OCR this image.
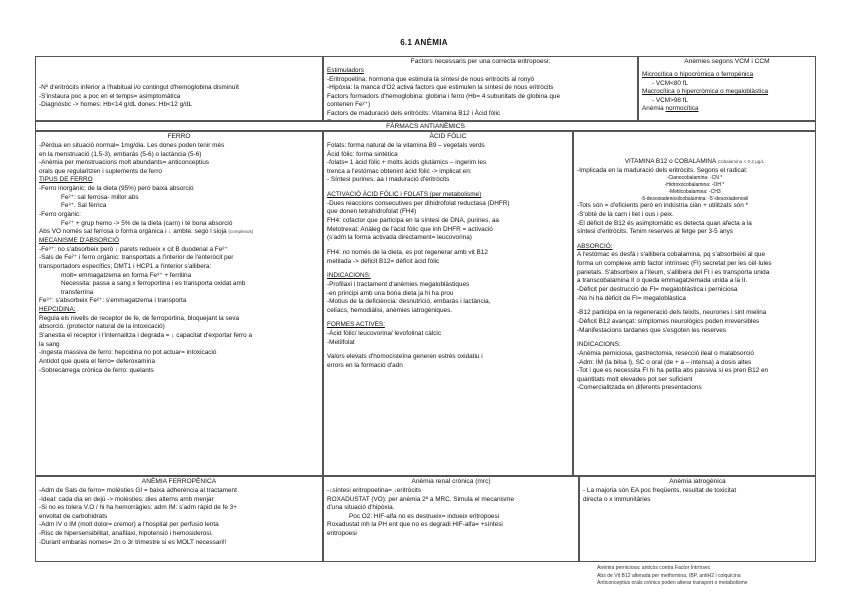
6.1 ANÈMIA
-Nº d'eritròcits inferior a l'habitual i/o contingut d'hemoglobina disminuït
-S'instaura poc a poc en el temps= asimptomàtica
-Diagnòstic -> homes: Hb<14 g/dL dones: Hb<12 g/dL
Factors necessaris per una correcta eritropoesi:
Estimuladors
-Eritropoetina: hormona que estimula la síntesi de nous eritròcits al ronyó
-Hipòxia: la manca d'O2 activa factors que estimulen la síntesi de nous eritròcits
Factors formadors d'hemoglobina: globina i ferro (Hb= 4 subunitats de globina que
contenen Fe²⁺)
Factors de maduració dels eritròcits: Vitamina B12 i Àcid fòlic
Anèmies segons VCM i CCM
Microcítica o hipocròmica o ferropènica
- VCM<80 fL
Macrocítica o hipercròmica o megaloblàstica
- VCM>98 fL
Anèmia normocítica
FÀRMACS ANTIANÈMICS
FERRO
-Pèrdua en situació normal= 1mg/dia. Les dones poden tenir més
en la menstruació (1,5-3), embaràs (5-6) o lactància (5-6)
-Anèmia per menstruacions molt abundants= anticonceptius
orals que regularitzen i suplements de ferro
TIPUS DE FERRO
-Ferro inorgànic: de la dieta (95%) però baixa absorció
Fe²⁺: sal ferrosa- millor abs
Fe³⁺. Sal fèrrica
-Ferro orgànic:
Fe²⁺ + grup hemo -> 5% de la dieta (carn) i té bona absorció
Abs VO només sal ferrosa o forma orgànica i ↓ ambte. sego l sioja (complexos)
MECANISME D'ABSORCIÓ
-Fe³⁺: no s'absorbeix però ↓ parets redueix x cit B duodenal a Fe²⁺
-Sals de Fe²⁺ i ferro orgànic: transportats a l'interior de l'enteròcit per
transportadors específics; DMT1 i HCP1 a l'interior s'allibera:
molt= emmagatzema en forma Fe³⁺ + ferritina
Necessita: passa a sang x ferroportina i es transporta oxidat amb
transferrina
Fe³⁺: s'absorbeix Fe²⁺: s'emmagatzema i transporta
HEPCIDINA:
Regula els nivells de receptor de fe, de ferroportina, bloquejant la seva
absorció. (protector natural de la intoxicació)
S'anestia el receptor i l'internalitza i degrada = ↓ capacitat d'exportar ferro a
la sang
-Ingesta massiva de ferro: hepcidina no pot actuar= intoxicació
Antídot que quela el ferro= deferoxamina
-Sobrecàrrega crònica de ferro: quelants
ÀCID FÒLIC
Folats: forma natural de la vitamina B9 – vegetals verds
Àcid fòlic: forma sintètica
-folats= 1 àcid fòlic + molts àcids glutàmics – ingerim les
trenca a l'estómac obtenint àcid fòlic -> implicat en:
- Síntesi purines, aa i maduració d'eritròcits
ACTIVACIÓ ÀCID FÒLIC i FOLATS (per metabolisme)
-Dues reaccions consecutives per dihidrofolat reductasa (DHFR)
que donen tetrahidrofolat (FH4)
FH4: cofactor que participa en la síntesi de DNA, purines, aa
Metotrexat: Anàleg de l'àcid fòlic que inh DHFR = activació
(s'adm la forma activada directament= leucovorina)
FH4: no només de la dieta, es pot regenerar amb vit B12
metilada -> dèficit B12= dèficit àcid fòlic
INDICACIONS:
-Profilaxi i tractament d'anèmies megaloblàstiques
-en principi amb una bona dieta ja hi ha prou
-Motius de la deficiència: desnutrició, embaràs i lactància,
celíacs, hemodiàlisi, anèmies iatrogèniques.
FORMES ACTIVES:
-Àcid fòlic/ leucovorina/ levofolinat càlcic
-Metilfolat
Valors elevats d'homocisteïna generen estrès oxidatiu i
errors en la formació d'adn
VITAMINA B12 o COBALAMINA Cobalamina < 0,2 µg/L
-Implicada en la maduració dels eritròcits. Segons el radical:
-Cianocobalamina: -CN *
-Hidroxocobalamina: -OH *
-Metilcobalamina: -CH3
-5-desoxiadenosilcobalamina: -5'-desoxiadenosil
-Tots són = d'eficients però en indústria ciàn + utilitzats són *
-S'obté de la carn i llet i ous i peix.
-El dèficit de B12 és asimptomàtic es detecta quan afecta a la
síntesi d'eritròcits. Tenim reserves al fetge per 3-5 anys
ABSORCIÓ:
A l'estómac es desfà i s'allibera cobalamina, pq s'absorbeixi al que
forma un complexe amb factor intrínsec (FI) secretat per les cèl·lules
parietals. S'absorbeix a l'íleum, s'allibera del FI i es transporta unida
a transcobalamina II o queda emmagatzemada unida a la II.
-Dèficit per destrucció de FI= megaloblàstica i perniciosa
-No hi ha dèficit de FI= megaloblàstica
-B12 participa en la regeneració dels teixits, neurones i sint mielina
-Dèficit B12 avançat: símptomes neurològics poden irreversibles
-Manifestacions tardanes que s'esgoten les reserves
INDICACIONS:
-Anèmia perniciosa, gastrectomia, resecció ileal o malabsorció
-Adm: IM (la bilsa l), SC o oral (de + a – intensa) a dosis altes
-Tot i que es necessita FI hi ha petita abs passiva si es pren B12 en
quantitats molt elevades pot ser suficient
-Comercialitzada en diferents presentacions
ANÈMIA FERROPÈNICA
-Adm de Sals de ferro= molèsties GI = baixa adherència al tractament
-Ideal: cada dia en dejú -> molèsties: dies alterns amb menjar
-Si no es tolera V.O / hi ha hemorràgies: adm IM: s'adm ràpid de fe 3+
envoltat de carbohidrats
-Adm IV o IM (molt dolor= cremor) a l'hospital per perfusió lenta
-Risc de hipersensibilitat, anafilaxi, hipotensió i hemosiderosi.
-Durant embaràs nomes= 2n o 3r trimestre si es MOLT necessari!!
Anèmia renal crònica (mrc)
-↓síntesi eritropoetina= ↓eritròcits
ROXADUSTAT (VO): per anèmia 2ª a MRC. Simula el mecanisme
d'una situació d'hipòxia.
Poc O2: HIF-alfa no es destrueix= indueix eritropoesi
Roxadustat inh la PH ent que no es degradi HIF-alfa= +síntesi
eritropoesi
Anèmia iatrogènica
- La majoria són EA poc freqüents, resultat de toxicitat
directa o x immunitàries
Anèmia perniciosa: anticòs contra Factor Intrínsec
Abs de Vit B12 alterada per metformina, IBP, antiH2 i colquicina
Anticonceptius orals crònics poden alterar transport o metabolisme
